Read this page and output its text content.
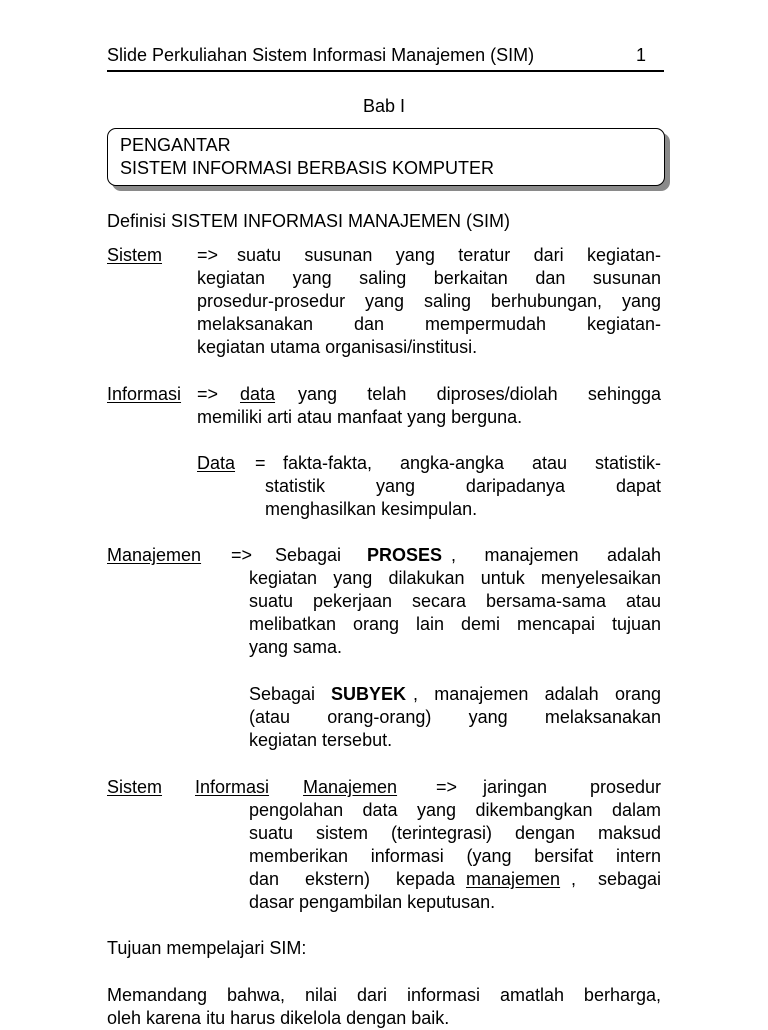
Slide Perkuliahan Sistem Informasi Manajemen (SIM)	1
Bab I
PENGANTAR
SISTEM INFORMASI BERBASIS KOMPUTER
Definisi SISTEM INFORMASI MANAJEMEN (SIM)
Sistem => suatu susunan yang teratur dari kegiatan-
kegiatan yang saling berkaitan dan susunan
prosedur-prosedur yang saling berhubungan, yang
melaksanakan dan mempermudah kegiatan-
kegiatan utama organisasi/institusi.
Informasi => data yang telah diproses/diolah sehingga
memiliki arti atau manfaat yang berguna.
Data = fakta-fakta, angka-angka atau statistik-
statistik yang daripadanya dapat
menghasilkan kesimpulan.
Manajemen => Sebagai PROSES , manajemen adalah
kegiatan yang dilakukan untuk menyelesaikan
suatu pekerjaan secara bersama-sama atau
melibatkan orang lain demi mencapai tujuan
yang sama.
Sebagai SUBYEK , manajemen adalah orang
(atau orang-orang) yang melaksanakan
kegiatan tersebut.
Sistem Informasi Manajemen => jaringan prosedur
pengolahan data yang dikembangkan dalam
suatu sistem (terintegrasi) dengan maksud
memberikan informasi (yang bersifat intern
dan ekstern) kepada manajemen , sebagai
dasar pengambilan keputusan.
Tujuan mempelajari SIM:
Memandang bahwa, nilai dari informasi amatlah berharga,
oleh karena itu harus dikelola dengan baik.
